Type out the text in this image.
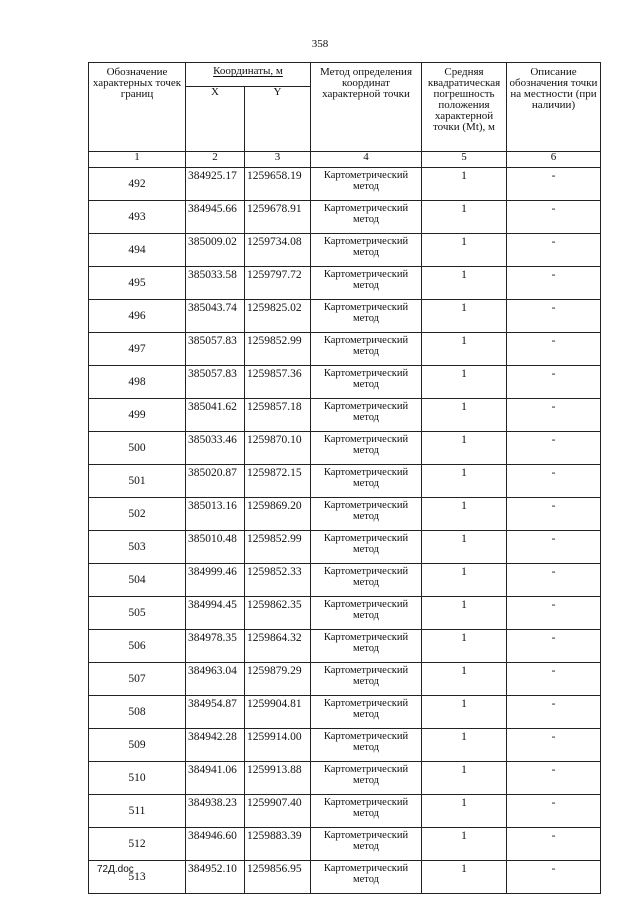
358
Обозначение характерных точек границ	Координаты, м		Метод определения координат характерной точки	Средняя квадратическая погрешность положения характерной точки (Mt), м	Описание обозначения точки на местности (при наличии)
	X	Y			
1	2	3	4	5	6
492	384925.17	1259658.19	Картометрический метод	1	-
493	384945.66	1259678.91	Картометрический метод	1	-
494	385009.02	1259734.08	Картометрический метод	1	-
495	385033.58	1259797.72	Картометрический метод	1	-
496	385043.74	1259825.02	Картометрический метод	1	-
497	385057.83	1259852.99	Картометрический метод	1	-
498	385057.83	1259857.36	Картометрический метод	1	-
499	385041.62	1259857.18	Картометрический метод	1	-
500	385033.46	1259870.10	Картометрический метод	1	-
501	385020.87	1259872.15	Картометрический метод	1	-
502	385013.16	1259869.20	Картометрический метод	1	-
503	385010.48	1259852.99	Картометрический метод	1	-
504	384999.46	1259852.33	Картометрический метод	1	-
505	384994.45	1259862.35	Картометрический метод	1	-
506	384978.35	1259864.32	Картометрический метод	1	-
507	384963.04	1259879.29	Картометрический метод	1	-
508	384954.87	1259904.81	Картометрический метод	1	-
509	384942.28	1259914.00	Картометрический метод	1	-
510	384941.06	1259913.88	Картометрический метод	1	-
511	384938.23	1259907.40	Картометрический метод	1	-
512	384946.60	1259883.39	Картометрический метод	1	-
513	384952.10	1259856.95	Картометрический метод	1	-
72Д.doc
